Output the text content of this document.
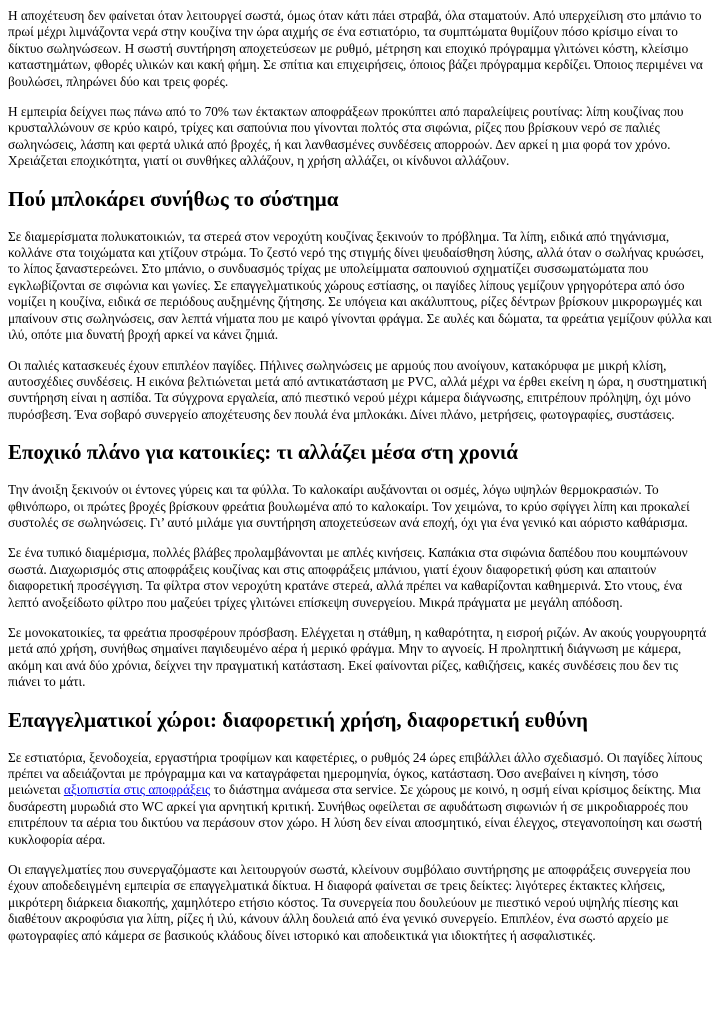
Η αποχέτευση δεν φαίνεται όταν λειτουργεί σωστά, όμως όταν κάτι πάει στραβά, όλα σταματούν. Από υπερχείλιση στο μπάνιο το πρωί μέχρι λιμνάζοντα νερά στην κουζίνα την ώρα αιχμής σε ένα εστιατόριο, τα συμπτώματα θυμίζουν πόσο κρίσιμο είναι το δίκτυο σωληνώσεων. Η σωστή συντήρηση αποχετεύσεων με ρυθμό, μέτρηση και εποχικό πρόγραμμα γλιτώνει κόστη, κλείσιμο καταστημάτων, φθορές υλικών και κακή φήμη. Σε σπίτια και επιχειρήσεις, όποιος βάζει πρόγραμμα κερδίζει. Όποιος περιμένει να βουλώσει, πληρώνει δύο και τρεις φορές.

Η εμπειρία δείχνει πως πάνω από το 70% των έκτακτων αποφράξεων προκύπτει από παραλείψεις ρουτίνας: λίπη κουζίνας που κρυσταλλώνουν σε κρύο καιρό, τρίχες και σαπούνια που γίνονται πολτός στα σιφώνια, ρίζες που βρίσκουν νερό σε παλιές σωληνώσεις, λάσπη και φερτά υλικά από βροχές, ή και λανθασμένες συνδέσεις απορροών. Δεν αρκεί η μια φορά τον χρόνο. Χρειάζεται εποχικότητα, γιατί οι συνθήκες αλλάζουν, η χρήση αλλάζει, οι κίνδυνοι αλλάζουν.

Πού μπλοκάρει συνήθως το σύστημα

Σε διαμερίσματα πολυκατοικιών, τα στερεά στον νεροχύτη κουζίνας ξεκινούν το πρόβλημα. Τα λίπη, ειδικά από τηγάνισμα, κολλάνε στα τοιχώματα και χτίζουν στρώμα. Το ζεστό νερό της στιγμής δίνει ψευδαίσθηση λύσης, αλλά όταν ο σωλήνας κρυώσει, το λίπος ξαναστερεώνει. Στο μπάνιο, ο συνδυασμός τρίχας με υπολείμματα σαπουνιού σχηματίζει συσσωματώματα που εγκλωβίζονται σε σιφώνια και γωνίες. Σε επαγγελματικούς χώρους εστίασης, οι παγίδες λίπους γεμίζουν γρηγορότερα από όσο νομίζει η κουζίνα, ειδικά σε περιόδους αυξημένης ζήτησης. Σε υπόγεια και ακάλυπτους, ρίζες δέντρων βρίσκουν μικρορωγμές και μπαίνουν στις σωληνώσεις, σαν λεπτά νήματα που με καιρό γίνονται φράγμα. Σε αυλές και δώματα, τα φρεάτια γεμίζουν φύλλα και ιλύ, οπότε μια δυνατή βροχή αρκεί να κάνει ζημιά.

Οι παλιές κατασκευές έχουν επιπλέον παγίδες. Πήλινες σωληνώσεις με αρμούς που ανοίγουν, κατακόρυφα με μικρή κλίση, αυτοσχέδιες συνδέσεις. Η εικόνα βελτιώνεται μετά από αντικατάσταση με PVC, αλλά μέχρι να έρθει εκείνη η ώρα, η συστηματική συντήρηση είναι η ασπίδα. Τα σύγχρονα εργαλεία, από πιεστικό νερού μέχρι κάμερα διάγνωσης, επιτρέπουν πρόληψη, όχι μόνο πυρόσβεση. Ένα σοβαρό συνεργείο αποχέτευσης δεν πουλά ένα μπλοκάκι. Δίνει πλάνο, μετρήσεις, φωτογραφίες, συστάσεις.

Εποχικό πλάνο για κατοικίες: τι αλλάζει μέσα στη χρονιά

Την άνοιξη ξεκινούν οι έντονες γύρεις και τα φύλλα. Το καλοκαίρι αυξάνονται οι οσμές, λόγω υψηλών θερμοκρασιών. Το φθινόπωρο, οι πρώτες βροχές βρίσκουν φρεάτια βουλωμένα από το καλοκαίρι. Τον χειμώνα, το κρύο σφίγγει λίπη και προκαλεί συστολές σε σωληνώσεις. Γι’ αυτό μιλάμε για συντήρηση αποχετεύσεων ανά εποχή, όχι για ένα γενικό και αόριστο καθάρισμα.

Σε ένα τυπικό διαμέρισμα, πολλές βλάβες προλαμβάνονται με απλές κινήσεις. Καπάκια στα σιφώνια δαπέδου που κουμπώνουν σωστά. Διαχωρισμός στις αποφράξεις κουζίνας και στις αποφράξεις μπάνιου, γιατί έχουν διαφορετική φύση και απαιτούν διαφορετική προσέγγιση. Τα φίλτρα στον νεροχύτη κρατάνε στερεά, αλλά πρέπει να καθαρίζονται καθημερινά. Στο ντους, ένα λεπτό ανοξείδωτο φίλτρο που μαζεύει τρίχες γλιτώνει επίσκεψη συνεργείου. Μικρά πράγματα με μεγάλη απόδοση.

Σε μονοκατοικίες, τα φρεάτια προσφέρουν πρόσβαση. Ελέγχεται η στάθμη, η καθαρότητα, η εισροή ριζών. Αν ακούς γουργουρητά μετά από χρήση, συνήθως σημαίνει παγιδευμένο αέρα ή μερικό φράγμα. Μην το αγνοείς. Η προληπτική διάγνωση με κάμερα, ακόμη και ανά δύο χρόνια, δείχνει την πραγματική κατάσταση. Εκεί φαίνονται ρίζες, καθιζήσεις, κακές συνδέσεις που δεν τις πιάνει το μάτι.

Επαγγελματικοί χώροι: διαφορετική χρήση, διαφορετική ευθύνη

Σε εστιατόρια, ξενοδοχεία, εργαστήρια τροφίμων και καφετέριες, ο ρυθμός 24 ώρες επιβάλλει άλλο σχεδιασμό. Οι παγίδες λίπους πρέπει να αδειάζονται με πρόγραμμα και να καταγράφεται ημερομηνία, όγκος, κατάσταση. Όσο ανεβαίνει η κίνηση, τόσο μειώνεται αξιοπιστία στις αποφράξεις το διάστημα ανάμεσα στα service. Σε χώρους με κοινό, η οσμή είναι κρίσιμος δείκτης. Μια δυσάρεστη μυρωδιά στο WC αρκεί για αρνητική κριτική. Συνήθως οφείλεται σε αφυδάτωση σιφωνιών ή σε μικροδιαρροές που επιτρέπουν τα αέρια του δικτύου να περάσουν στον χώρο. Η λύση δεν είναι αποσμητικό, είναι έλεγχος, στεγανοποίηση και σωστή κυκλοφορία αέρα.

Οι επαγγελματίες που συνεργαζόμαστε και λειτουργούν σωστά, κλείνουν συμβόλαιο συντήρησης με αποφράξεις συνεργεία που έχουν αποδεδειγμένη εμπειρία σε επαγγελματικά δίκτυα. Η διαφορά φαίνεται σε τρεις δείκτες: λιγότερες έκτακτες κλήσεις, μικρότερη διάρκεια διακοπής, χαμηλότερο ετήσιο κόστος. Τα συνεργεία που δουλεύουν με πιεστικό νερού υψηλής πίεσης και διαθέτουν ακροφύσια για λίπη, ρίζες ή ιλύ, κάνουν άλλη δουλειά από ένα γενικό συνεργείο. Επιπλέον, ένα σωστό αρχείο με φωτογραφίες από κάμερα σε βασικούς κλάδους δίνει ιστορικό και αποδεικτικά για ιδιοκτήτες ή ασφαλιστικές.
